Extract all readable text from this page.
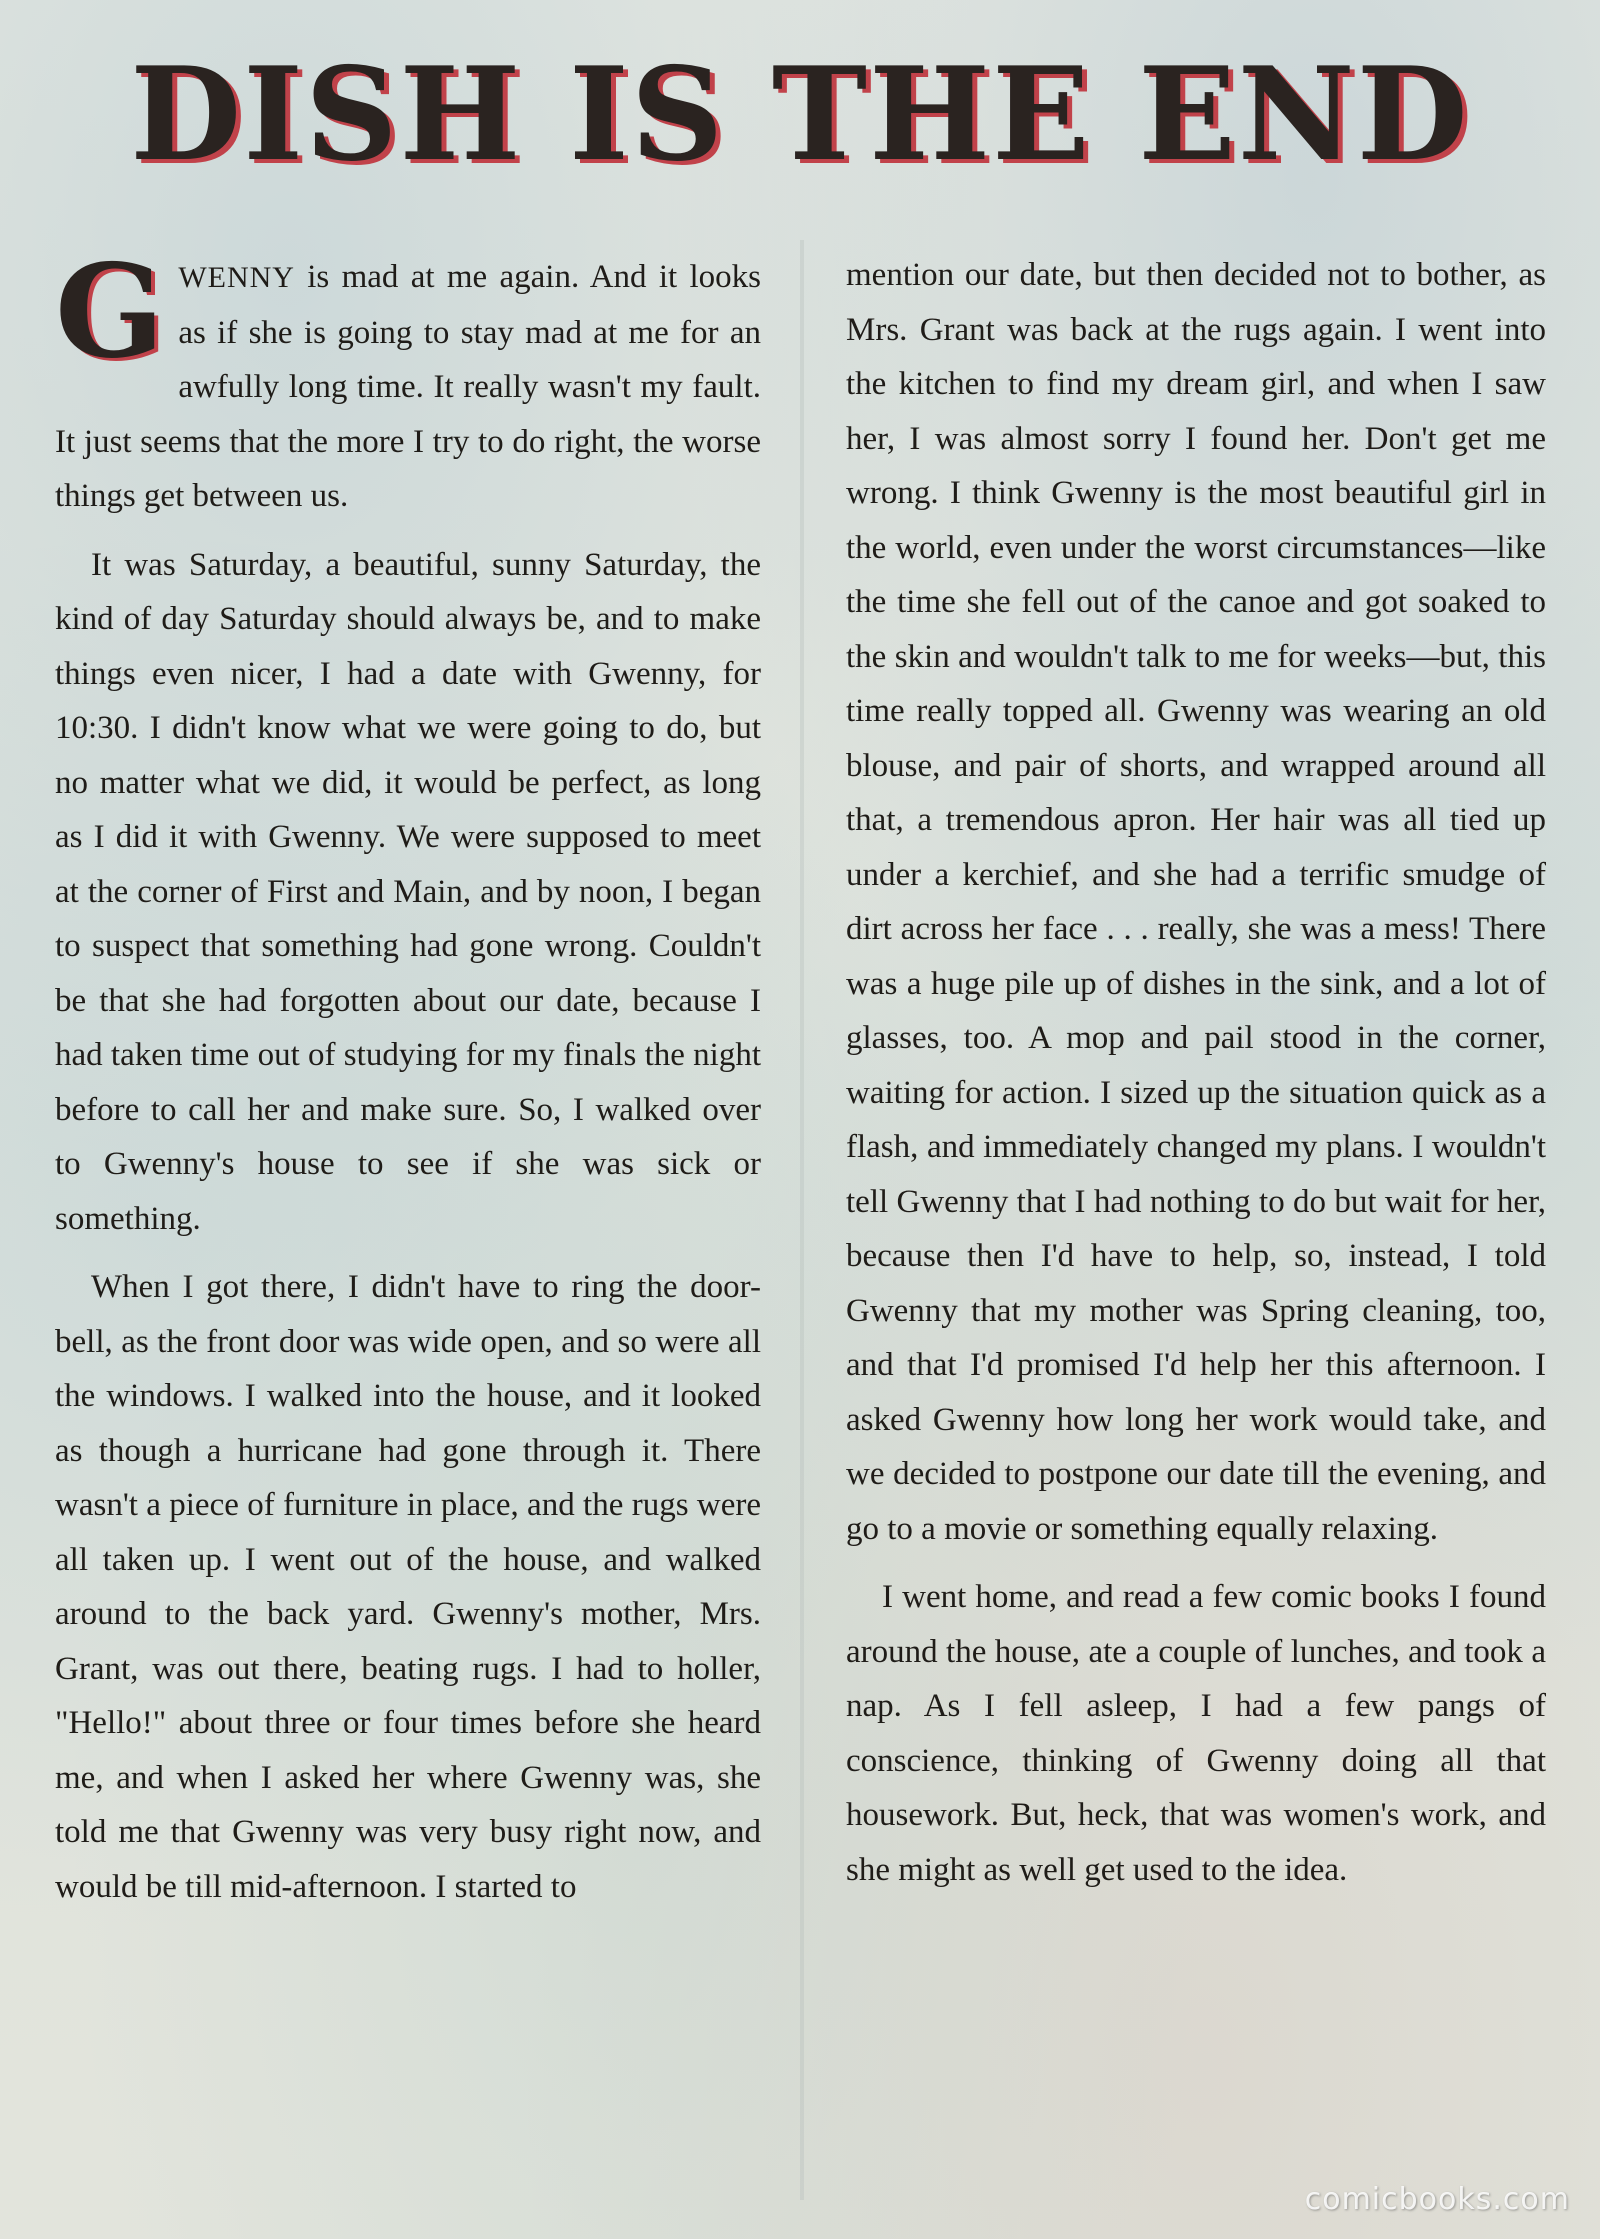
DISH IS THE END

GWENNY is mad at me again. And it looks as if she is going to stay mad at me for an awfully long time. It really wasn't my fault. It just seems that the more I try to do right, the worse things get between us.

It was Saturday, a beautiful, sunny Saturday, the kind of day Saturday should always be, and to make things even nicer, I had a date with Gwenny, for 10:30. I didn't know what we were going to do, but no matter what we did, it would be perfect, as long as I did it with Gwenny. We were supposed to meet at the corner of First and Main, and by noon, I began to suspect that something had gone wrong. Couldn't be that she had forgotten about our date, because I had taken time out of studying for my finals the night before to call her and make sure. So, I walked over to Gwenny's house to see if she was sick or something.

When I got there, I didn't have to ring the door-bell, as the front door was wide open, and so were all the windows. I walked into the house, and it looked as though a hurricane had gone through it. There wasn't a piece of furniture in place, and the rugs were all taken up. I went out of the house, and walked around to the back yard. Gwenny's mother, Mrs. Grant, was out there, beating rugs. I had to holler, "Hello!" about three or four times before she heard me, and when I asked her where Gwenny was, she told me that Gwenny was very busy right now, and would be till mid-afternoon. I started to

mention our date, but then decided not to bother, as Mrs. Grant was back at the rugs again. I went into the kitchen to find my dream girl, and when I saw her, I was almost sorry I found her. Don't get me wrong. I think Gwenny is the most beautiful girl in the world, even under the worst circumstances—like the time she fell out of the canoe and got soaked to the skin and wouldn't talk to me for weeks—but, this time really topped all. Gwenny was wearing an old blouse, and pair of shorts, and wrapped around all that, a tremendous apron. Her hair was all tied up under a kerchief, and she had a terrific smudge of dirt across her face . . . really, she was a mess! There was a huge pile up of dishes in the sink, and a lot of glasses, too. A mop and pail stood in the corner, waiting for action. I sized up the situation quick as a flash, and immediately changed my plans. I wouldn't tell Gwenny that I had nothing to do but wait for her, because then I'd have to help, so, instead, I told Gwenny that my mother was Spring cleaning, too, and that I'd promised I'd help her this afternoon. I asked Gwenny how long her work would take, and we decided to postpone our date till the evening, and go to a movie or something equally relaxing.

I went home, and read a few comic books I found around the house, ate a couple of lunches, and took a nap. As I fell asleep, I had a few pangs of conscience, thinking of Gwenny doing all that housework. But, heck, that was women's work, and she might as well get used to the idea.

comicbooks.com
